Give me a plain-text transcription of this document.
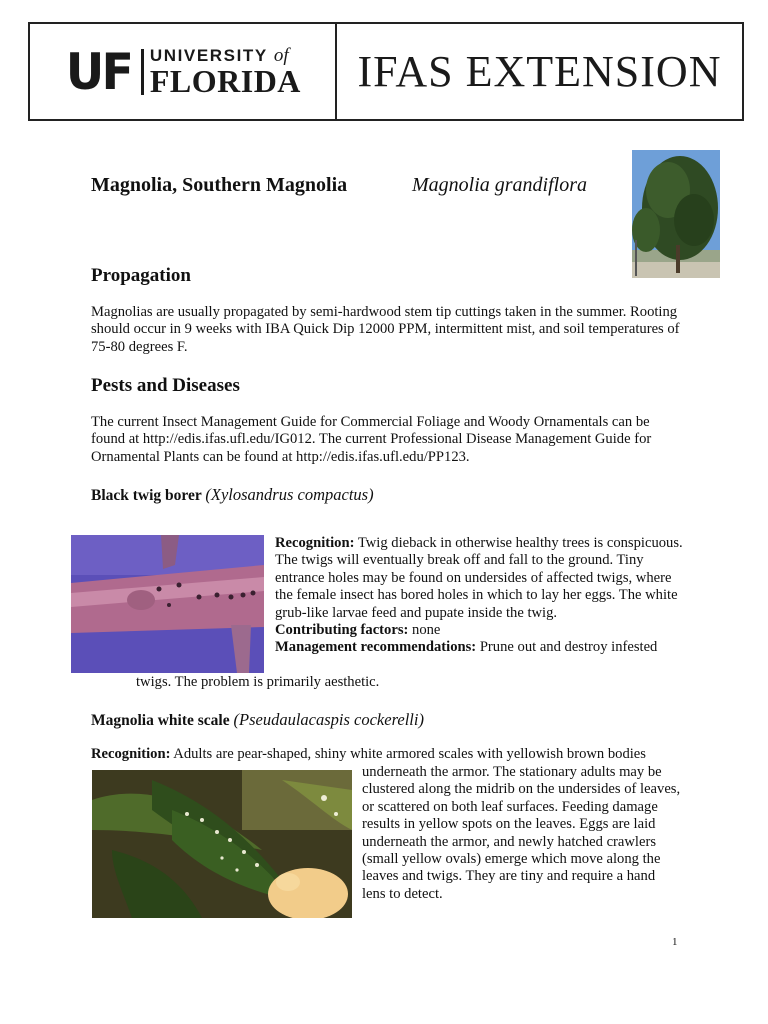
UF UNIVERSITY of
FLORIDA	IFAS EXTENSION
Magnolia, Southern Magnolia	Magnolia grandiflora
Propagation
Magnolias are usually propagated by semi-hardwood stem tip cuttings taken in the summer. Rooting should occur in 9 weeks with IBA Quick Dip 12000 PPM, intermittent mist, and soil temperatures of 75-80 degrees F.
Pests and Diseases
The current Insect Management Guide for Commercial Foliage and Woody Ornamentals can be found at http://edis.ifas.ufl.edu/IG012. The current Professional Disease Management Guide for Ornamental Plants can be found at http://edis.ifas.ufl.edu/PP123.
Black twig borer (Xylosandrus compactus)
Recognition: Twig dieback in otherwise healthy trees is conspicuous. The twigs will eventually break off and fall to the ground. Tiny entrance holes may be found on undersides of affected twigs, where the female insect has bored holes in which to lay her eggs. The white grub-like larvae feed and pupate inside the twig.
Contributing factors: none
Management recommendations: Prune out and destroy infested
twigs. The problem is primarily aesthetic.
Magnolia white scale (Pseudaulacaspis cockerelli)
Recognition: Adults are pear-shaped, shiny white armored scales with yellowish brown bodies
underneath the armor. The stationary adults may be clustered along the midrib on the undersides of leaves, or scattered on both leaf surfaces. Feeding damage results in yellow spots on the leaves. Eggs are laid underneath the armor, and newly hatched crawlers (small yellow ovals) emerge which move along the leaves and twigs. They are tiny and require a hand lens to detect.
1
